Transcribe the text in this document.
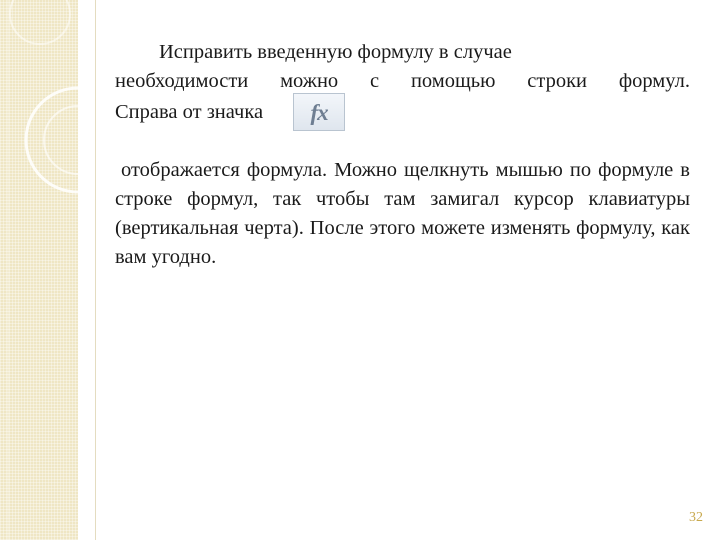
Исправить введенную формулу в случае

необходимости можно с помощью строки формул.

Справа от значка	fx

отображается формула. Можно щелкнуть мышью по формуле в строке формул, так чтобы там замигал курсор клавиатуры (вертикальная черта). После этого можете изменять формулу, как вам угодно.

32
